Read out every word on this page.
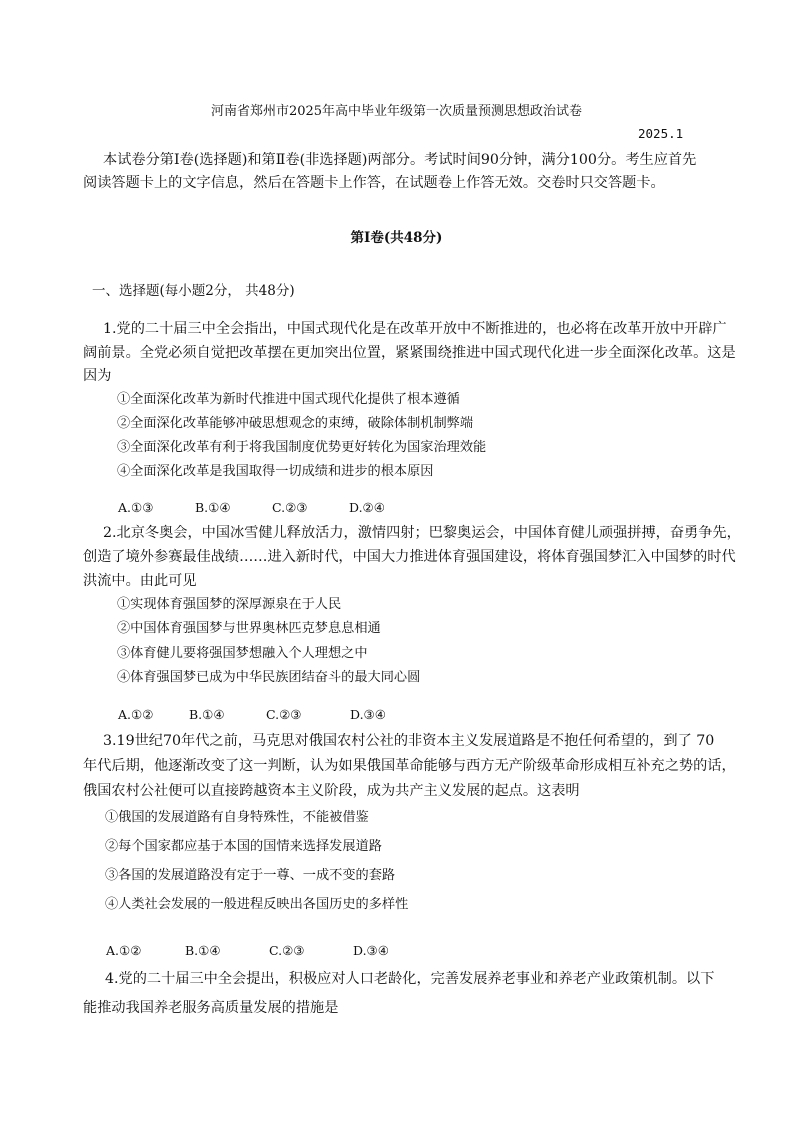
河南省郑州市2025年高中毕业年级第一次质量预测思想政治试卷
2025.1
本试卷分第Ⅰ卷(选择题)和第Ⅱ卷(非选择题)两部分。考试时间90分钟，满分100分。考生应首先
阅读答题卡上的文字信息，然后在答题卡上作答，在试题卷上作答无效。交卷时只交答题卡。
第Ⅰ卷(共48分)
一、选择题(每小题2分， 共48分)
1.党的二十届三中全会指出，中国式现代化是在改革开放中不断推进的，也必将在改革开放中开辟广
阔前景。全党必须自觉把改革摆在更加突出位置，紧紧围绕推进中国式现代化进一步全面深化改革。这是
因为
①全面深化改革为新时代推进中国式现代化提供了根本遵循
②全面深化改革能够冲破思想观念的束缚，破除体制机制弊端
③全面深化改革有利于将我国制度优势更好转化为国家治理效能
④全面深化改革是我国取得一切成绩和进步的根本原因
A.①③	B.①④	C.②③	D.②④
2.北京冬奥会，中国冰雪健儿释放活力，激情四射；巴黎奥运会，中国体育健儿顽强拼搏，奋勇争先，
创造了境外参赛最佳战绩……进入新时代，中国大力推进体育强国建设，将体育强国梦汇入中国梦的时代
洪流中。由此可见
①实现体育强国梦的深厚源泉在于人民
②中国体育强国梦与世界奥林匹克梦息息相通
③体育健儿要将强国梦想融入个人理想之中
④体育强国梦已成为中华民族团结奋斗的最大同心圆
A.①②	B.①④	C.②③	D.③④
3.19世纪70年代之前，马克思对俄国农村公社的非资本主义发展道路是不抱任何希望的，到了 70
年代后期，他逐渐改变了这一判断，认为如果俄国革命能够与西方无产阶级革命形成相互补充之势的话，
俄国农村公社便可以直接跨越资本主义阶段，成为共产主义发展的起点。这表明
①俄国的发展道路有自身特殊性，不能被借鉴
②每个国家都应基于本国的国情来选择发展道路
③各国的发展道路没有定于一尊、一成不变的套路
④人类社会发展的一般进程反映出各国历史的多样性
A.①②	B.①④	C.②③	D.③④
4.党的二十届三中全会提出，积极应对人口老龄化，完善发展养老事业和养老产业政策机制。以下
能推动我国养老服务高质量发展的措施是
